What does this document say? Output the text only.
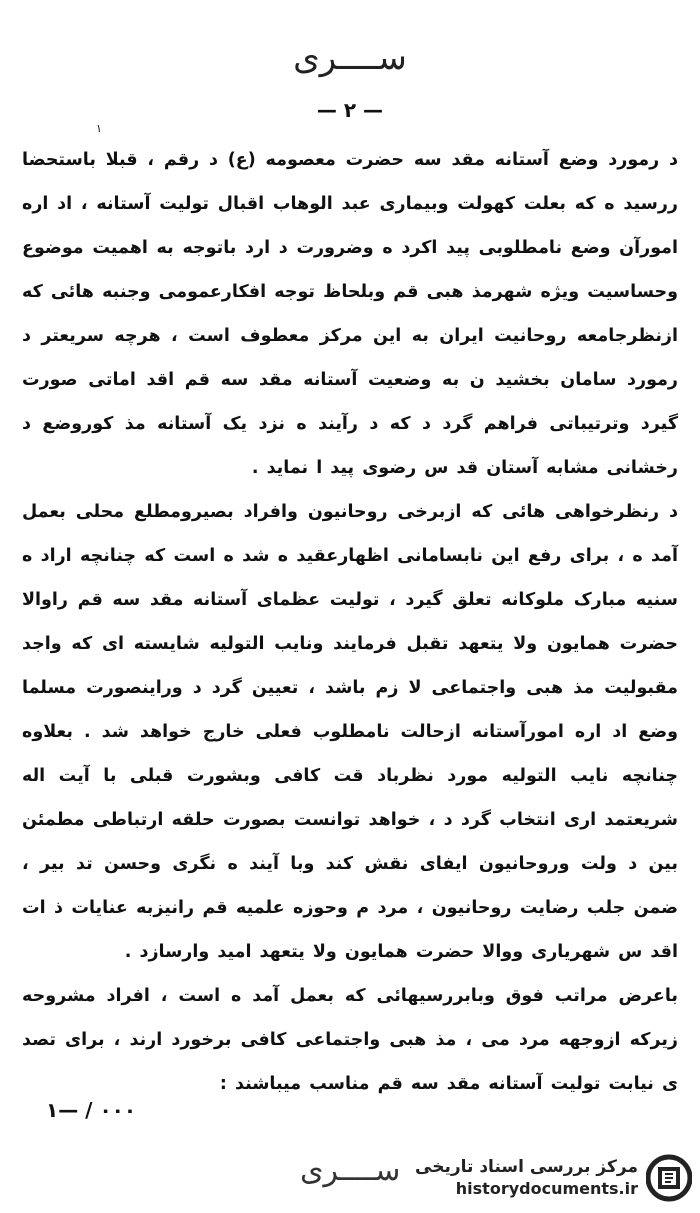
ســــری
— ۲ —
۱

د رمورد وضع آستانه مقد سه حضرت معصومه (ع) د رقم ، قبلا باستحضا ررسید ه که بعلت کهولت وبیماری عبد الوهاب اقبال تولیت آستانه ، اد اره امورآن وضع نامطلوبی پید اکرد ه وضرورت د ارد باتوجه به اهمیت موضوع وحساسیت ویژه شهرمذ هبی قم وبلحاظ توجه افکارعمومی وجنبه هائی که ازنظرجامعه روحانیت ایران به این مرکز معطوف است ، هرچه سریعتر د رمورد سامان بخشید ن به وضعیت آستانه مقد سه قم اقد اماتی صورت گیرد وترتیباتی فراهم گرد د که د رآیند ه نزد یک آستانه مذ کوروضع د رخشانی مشابه آستان قد س رضوی پید ا نماید .

د رنظرخواهی هائی که ازبرخی روحانیون وافراد بصیرومطلع محلی بعمل آمد ه ، برای رفع این نابسامانی اظهارعقید ه شد ه است که چنانچه اراد ه سنیه مبارک ملوکانه تعلق گیرد ، تولیت عظمای آستانه مقد سه قم راوالا حضرت همایون ولا یتعهد تقبل فرمایند ونایب التولیه شایسته ای که واجد مقبولیت مذ هبی واجتماعی لا زم باشد ، تعیین گرد د وراینصورت مسلما وضع اد اره امورآستانه ازحالت نامطلوب فعلی خارج خواهد شد . بعلاوه چنانچه نایب التولیه مورد نظرباد قت کافی وبشورت قبلی با آیت اله شریعتمد اری انتخاب گرد د ، خواهد توانست بصورت حلقه ارتباطی مطمئن بین د ولت وروحانیون ایفای نقش کند وبا آیند ه نگری وحسن تد بیر ، ضمن جلب رضایت روحانیون ، مرد م وحوزه علمیه قم رانیزبه عنایات ذ ات اقد س شهریاری ووالا حضرت همایون ولا یتعهد امید وارسازد .

باعرض مراتب فوق وبابررسیهائی که بعمل آمد ه است ، افراد مشروحه زیرکه ازوجهه مرد می ، مذ هبی واجتماعی کافی برخورد ارند ، برای تصد ی نیابت تولیت آستانه مقد سه قم مناسب میباشند :

١— / ۰۰۰
ســــری مرکز بررسی اسناد تاریخی
historydocuments.ir
